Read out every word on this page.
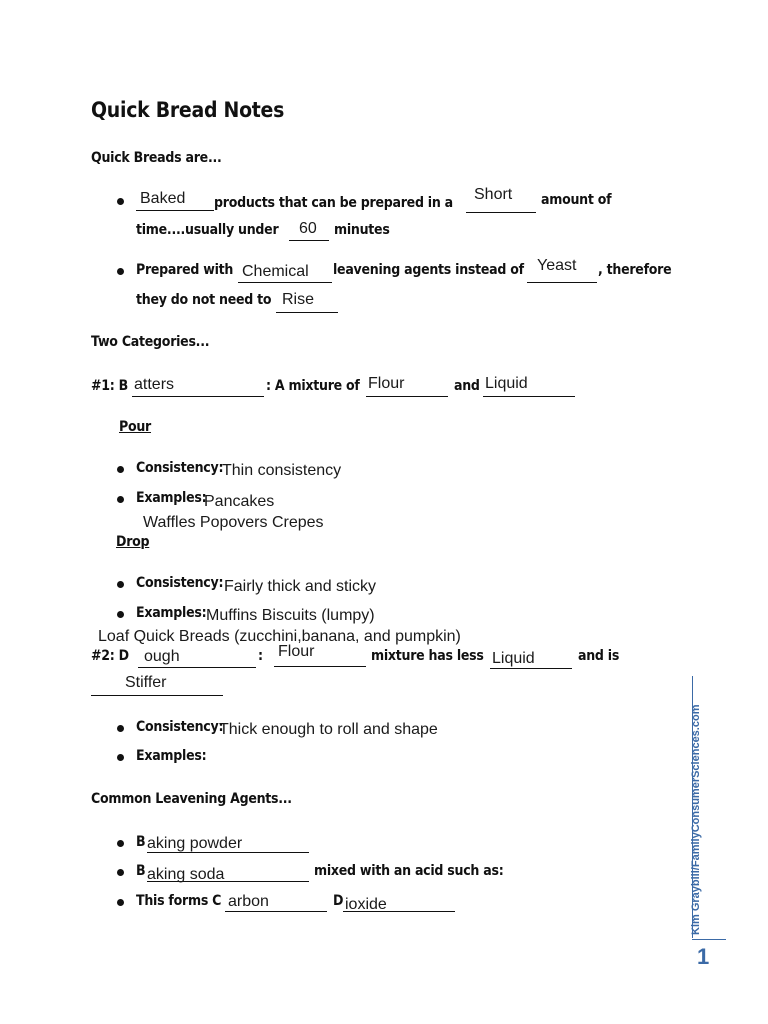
Quick Bread Notes
Quick Breads are...
Baked products that can be prepared in a	Short amount of
time....usually under 60 minutes
Prepared with Chemical leavening agents instead of Yeast , therefore
they do not need to Rise
Two Categories...
#1: B atters	: A mixture of Flour	and Liquid
Pour
Consistency:
Thin consistency
Examples:
Pancakes
Waffles Popovers Crepes
Drop
Consistency: Fairly thick and sticky
Examples: Muffins Biscuits (lumpy)
Loaf Quick Breads (zucchini,banana, and pumpkin)
#2: D ough	: Flour	mixture has less Liquid	and is
Stiffer
Consistency:
Thick enough to roll and shape
Examples:
Common Leavening Agents...
B aking powder
B aking soda	mixed with an acid such as:
This forms C arbon	D ioxide	Kim Graybill/FamilyConsumerSciences.com
1
